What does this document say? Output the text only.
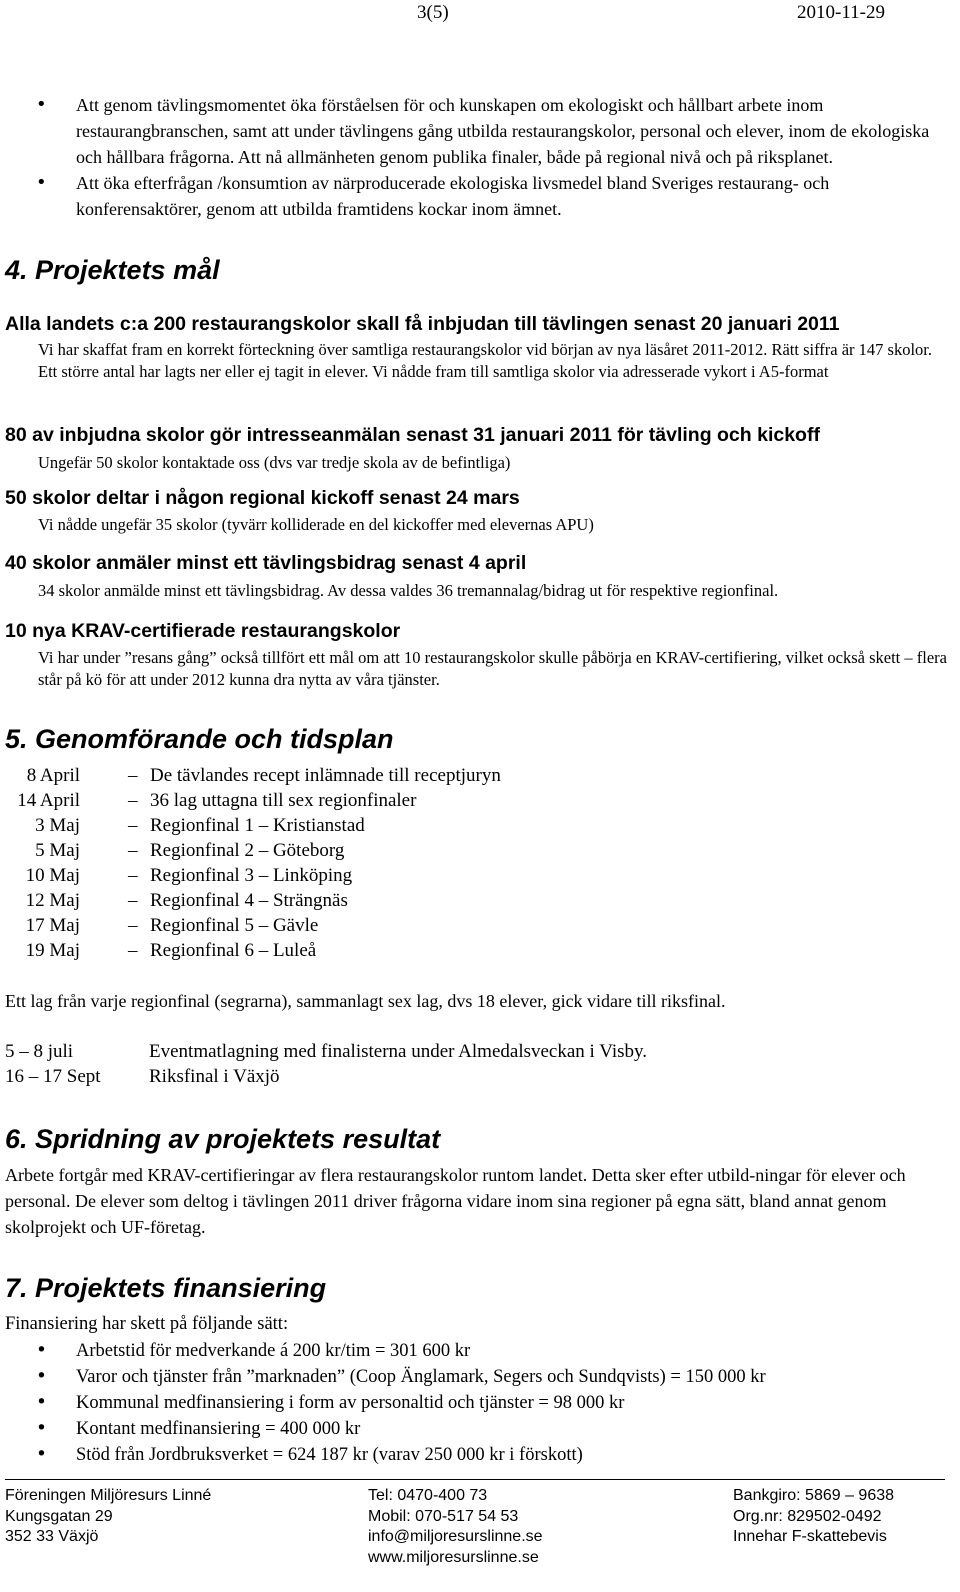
3(5)	2010-11-29
• Att genom tävlingsmomentet öka förståelsen för och kunskapen om ekologiskt och hållbart arbete inom restaurangbranschen, samt att under tävlingens gång utbilda restaurangskolor, personal och elever, inom de ekologiska och hållbara frågorna. Att nå allmänheten genom publika finaler, både på regional nivå och på riksplanet.
• Att öka efterfrågan /konsumtion av närproducerade ekologiska livsmedel bland Sveriges restaurang- och konferensaktörer, genom att utbilda framtidens kockar inom ämnet.
4. Projektets mål
Alla landets c:a 200 restaurangskolor skall få inbjudan till tävlingen senast 20 januari 2011
Vi har skaffat fram en korrekt förteckning över samtliga restaurangskolor vid början av nya läsåret 2011-2012. Rätt siffra är 147 skolor. Ett större antal har lagts ner eller ej tagit in elever. Vi nådde fram till samtliga skolor via adresserade vykort i A5-format
80 av inbjudna skolor gör intresseanmälan senast 31 januari 2011 för tävling och kickoff
Ungefär 50 skolor kontaktade oss (dvs var tredje skola av de befintliga)
50 skolor deltar i någon regional kickoff senast 24 mars
Vi nådde ungefär 35 skolor (tyvärr kolliderade en del kickoffer med elevernas APU)
40 skolor anmäler minst ett tävlingsbidrag senast 4 april
34 skolor anmälde minst ett tävlingsbidrag. Av dessa valdes 36 tremannalag/bidrag ut för respektive regionfinal.
10 nya KRAV-certifierade restaurangskolor
Vi har under ”resans gång” också tillfört ett mål om att 10 restaurangskolor skulle påbörja en KRAV-certifiering, vilket också skett – flera står på kö för att under 2012 kunna dra nytta av våra tjänster.
5. Genomförande och tidsplan
8 April	– De tävlandes recept inlämnade till receptjuryn
14 April	– 36 lag uttagna till sex regionfinaler
3 Maj	– Regionfinal 1 – Kristianstad
5 Maj	– Regionfinal 2 – Göteborg
10 Maj	– Regionfinal 3 – Linköping
12 Maj	– Regionfinal 4 – Strängnäs
17 Maj	– Regionfinal 5 – Gävle
19 Maj	– Regionfinal 6 – Luleå
Ett lag från varje regionfinal (segrarna), sammanlagt sex lag, dvs 18 elever, gick vidare till riksfinal.
5 – 8 juli	Eventmatlagning med finalisterna under Almedalsveckan i Visby.
16 – 17 Sept	Riksfinal i Växjö
6. Spridning av projektets resultat
Arbete fortgår med KRAV-certifieringar av flera restaurangskolor runtom landet. Detta sker efter utbild-ningar för elever och personal. De elever som deltog i tävlingen 2011 driver frågorna vidare inom sina regioner på egna sätt, bland annat genom skolprojekt och UF-företag.
7. Projektets finansiering
Finansiering har skett på följande sätt:
• Arbetstid för medverkande á 200 kr/tim = 301 600 kr
• Varor och tjänster från ”marknaden” (Coop Änglamark, Segers och Sundqvists) = 150 000 kr
• Kommunal medfinansiering i form av personaltid och tjänster = 98 000 kr
• Kontant medfinansiering = 400 000 kr
• Stöd från Jordbruksverket = 624 187 kr (varav 250 000 kr i förskott)
Föreningen Miljöresurs Linné
Kungsgatan 29
352 33 Växjö
Tel: 0470-400 73
Mobil: 070-517 54 53
info@miljoresurslinne.se
www.miljoresurslinne.se
Bankgiro: 5869 – 9638
Org.nr: 829502-0492
Innehar F-skattebevis
